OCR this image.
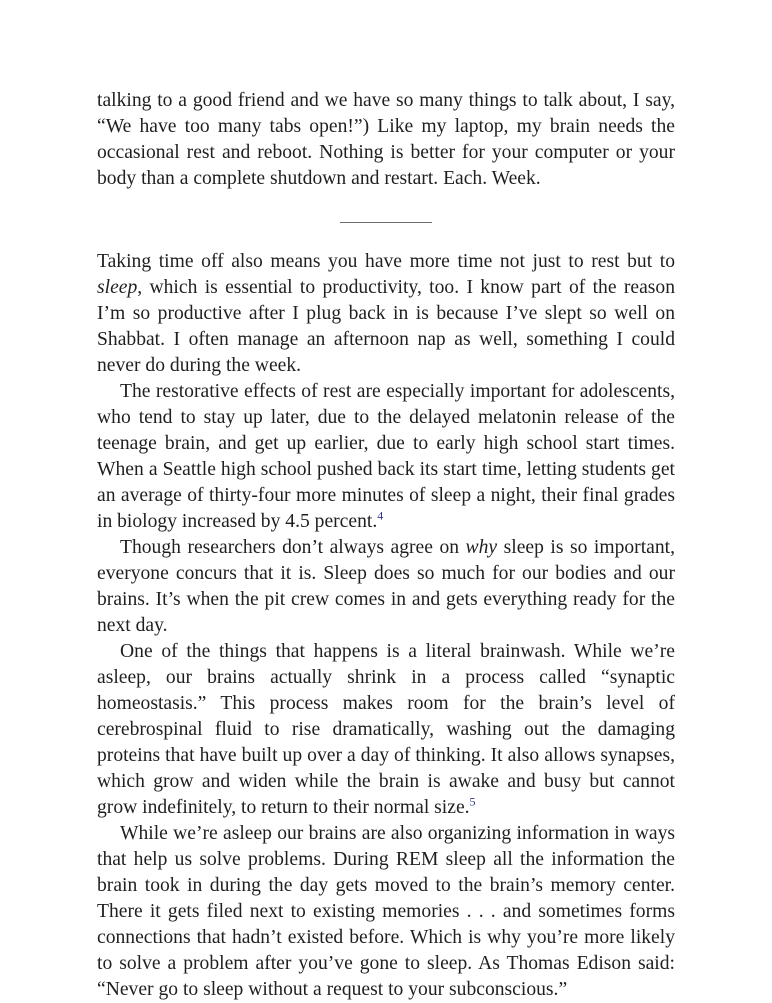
talking to a good friend and we have so many things to talk about, I say, “We have too many tabs open!”) Like my laptop, my brain needs the occasional rest and reboot. Nothing is better for your computer or your body than a complete shutdown and restart. Each. Week.

Taking time off also means you have more time not just to rest but to sleep, which is essential to productivity, too. I know part of the reason I’m so productive after I plug back in is because I’ve slept so well on Shabbat. I often manage an afternoon nap as well, something I could never do during the week.

The restorative effects of rest are especially important for adolescents, who tend to stay up later, due to the delayed melatonin release of the teenage brain, and get up earlier, due to early high school start times. When a Seattle high school pushed back its start time, letting students get an average of thirty-four more minutes of sleep a night, their final grades in biology increased by 4.5 percent.$^4$

Though researchers don’t always agree on why sleep is so important, everyone concurs that it is. Sleep does so much for our bodies and our brains. It’s when the pit crew comes in and gets everything ready for the next day.

One of the things that happens is a literal brainwash. While we’re asleep, our brains actually shrink in a process called “synaptic homeostasis.” This process makes room for the brain’s level of cerebrospinal fluid to rise dramatically, washing out the damaging proteins that have built up over a day of thinking. It also allows synapses, which grow and widen while the brain is awake and busy but cannot grow indefinitely, to return to their normal size.$^5$

While we’re asleep our brains are also organizing information in ways that help us solve problems. During REM sleep all the information the brain took in during the day gets moved to the brain’s memory center. There it gets filed next to existing memories . . . and sometimes forms connections that hadn’t existed before. Which is why you’re more likely to solve a problem after you’ve gone to sleep. As Thomas Edison said: “Never go to sleep without a request to your subconscious.”
